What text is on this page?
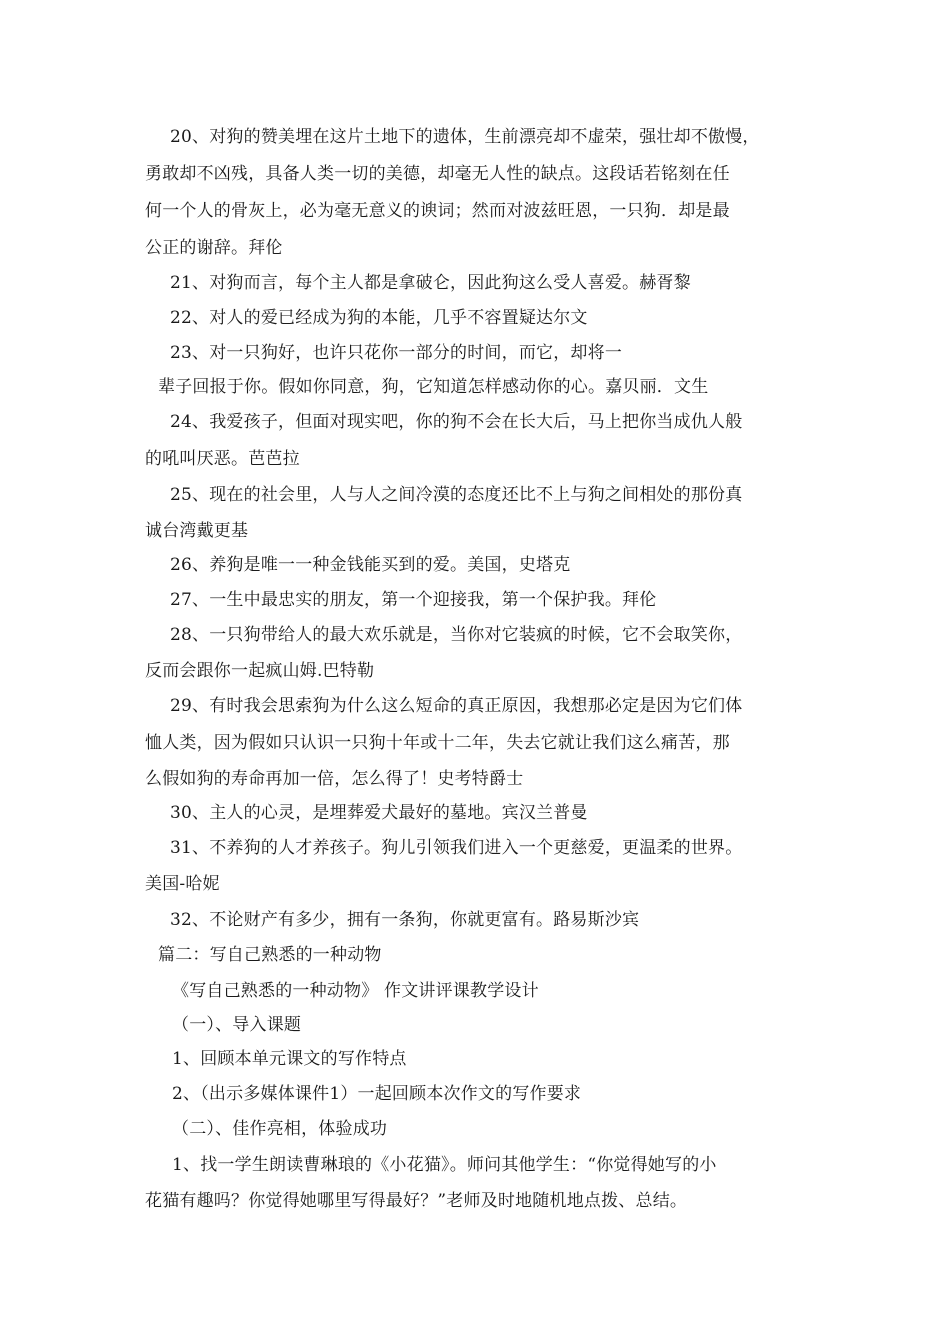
20、对狗的赞美埋在这片土地下的遗体，生前漂亮却不虚荣，强壮却不傲慢，
勇敢却不凶残，具备人类一切的美德，却毫无人性的缺点。这段话若铭刻在任
何一个人的骨灰上，必为毫无意义的谀词；然而对波兹旺恩，一只狗．却是最
公正的谢辞。拜伦
21、对狗而言，每个主人都是拿破仑，因此狗这么受人喜爱。赫胥黎
22、对人的爱已经成为狗的本能，几乎不容置疑达尔文
23、对一只狗好，也许只花你一部分的时间，而它，却将一
辈子回报于你。假如你同意，狗，它知道怎样感动你的心。嘉贝丽．文生
24、我爱孩子，但面对现实吧，你的狗不会在长大后，马上把你当成仇人般
的吼叫厌恶。芭芭拉
25、现在的社会里，人与人之间冷漠的态度还比不上与狗之间相处的那份真
诚台湾戴更基
26、养狗是唯一一种金钱能买到的爱。美国，史塔克
27、一生中最忠实的朋友，第一个迎接我，第一个保护我。拜伦
28、一只狗带给人的最大欢乐就是，当你对它装疯的时候，它不会取笑你，
反而会跟你一起疯山姆.巴特勒
29、有时我会思索狗为什么这么短命的真正原因，我想那必定是因为它们体
恤人类，因为假如只认识一只狗十年或十二年，失去它就让我们这么痛苦，那
么假如狗的寿命再加一倍，怎么得了！史考特爵士
30、主人的心灵，是埋葬爱犬最好的墓地。宾汉兰普曼
31、不养狗的人才养孩子。狗儿引领我们进入一个更慈爱，更温柔的世界。
美国-哈妮
32、不论财产有多少，拥有一条狗，你就更富有。路易斯沙宾
篇二：写自己熟悉的一种动物
《写自己熟悉的一种动物》 作文讲评课教学设计
（一）、导入课题
1、回顾本单元课文的写作特点
2、（出示多媒体课件1）一起回顾本次作文的写作要求
（二）、佳作亮相，体验成功
1、找一学生朗读曹琳琅的《小花猫》。师问其他学生：“你觉得她写的小
花猫有趣吗？你觉得她哪里写得最好？”老师及时地随机地点拨、总结。
